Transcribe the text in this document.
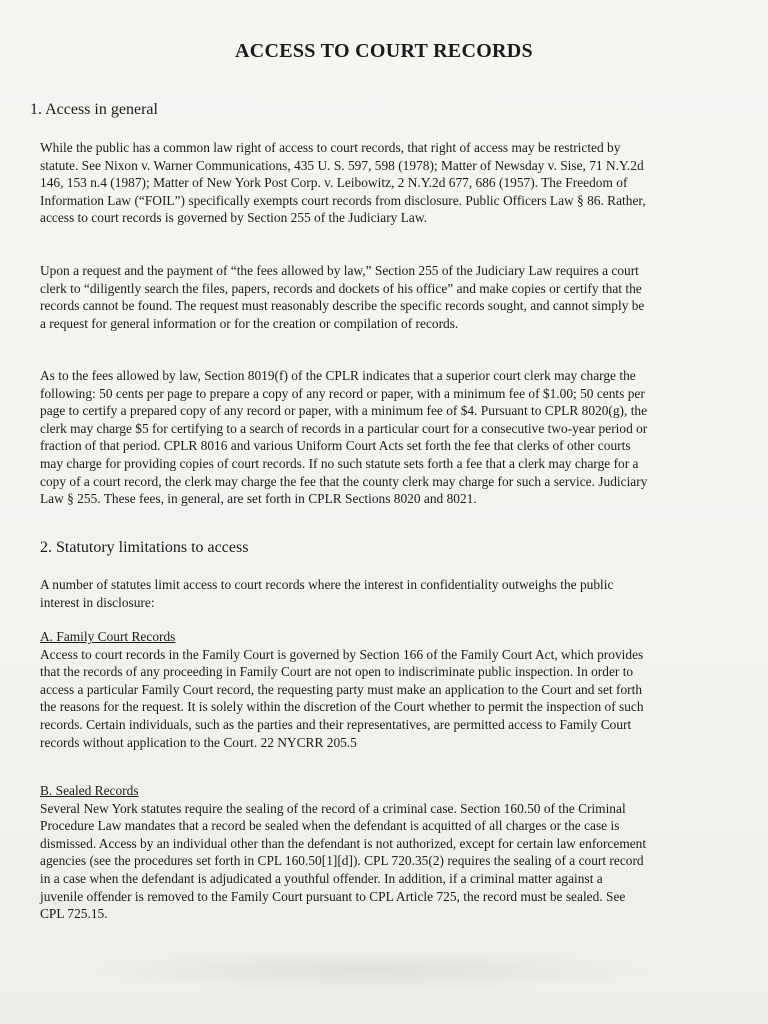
ACCESS TO COURT RECORDS
1. Access in general

While the public has a common law right of access to court records, that right of access may be restricted by statute. See Nixon v. Warner Communications, 435 U. S. 597, 598 (1978); Matter of Newsday v. Sise, 71 N.Y.2d 146, 153 n.4 (1987); Matter of New York Post Corp. v. Leibowitz, 2 N.Y.2d 677, 686 (1957). The Freedom of Information Law (“FOIL”) specifically exempts court records from disclosure. Public Officers Law § 86. Rather, access to court records is governed by Section 255 of the Judiciary Law.

Upon a request and the payment of “the fees allowed by law,” Section 255 of the Judiciary Law requires a court clerk to “diligently search the files, papers, records and dockets of his office” and make copies or certify that the records cannot be found. The request must reasonably describe the specific records sought, and cannot simply be a request for general information or for the creation or compilation of records.

As to the fees allowed by law, Section 8019(f) of the CPLR indicates that a superior court clerk may charge the following: 50 cents per page to prepare a copy of any record or paper, with a minimum fee of $1.00; 50 cents per page to certify a prepared copy of any record or paper, with a minimum fee of $4. Pursuant to CPLR 8020(g), the clerk may charge $5 for certifying to a search of records in a particular court for a consecutive two-year period or fraction of that period. CPLR 8016 and various Uniform Court Acts set forth the fee that clerks of other courts may charge for providing copies of court records. If no such statute sets forth a fee that a clerk may charge for a copy of a court record, the clerk may charge the fee that the county clerk may charge for such a service. Judiciary Law § 255. These fees, in general, are set forth in CPLR Sections 8020 and 8021.

2. Statutory limitations to access

A number of statutes limit access to court records where the interest in confidentiality outweighs the public interest in disclosure:

A. Family Court Records
Access to court records in the Family Court is governed by Section 166 of the Family Court Act, which provides that the records of any proceeding in Family Court are not open to indiscriminate public inspection. In order to access a particular Family Court record, the requesting party must make an application to the Court and set forth the reasons for the request. It is solely within the discretion of the Court whether to permit the inspection of such records. Certain individuals, such as the parties and their representatives, are permitted access to Family Court records without application to the Court. 22 NYCRR 205.5
B. Sealed Records
Several New York statutes require the sealing of the record of a criminal case. Section 160.50 of the Criminal Procedure Law mandates that a record be sealed when the defendant is acquitted of all charges or the case is dismissed. Access by an individual other than the defendant is not authorized, except for certain law enforcement agencies (see the procedures set forth in CPL 160.50[1][d]). CPL 720.35(2) requires the sealing of a court record in a case when the defendant is adjudicated a youthful offender. In addition, if a criminal matter against a juvenile offender is removed to the Family Court pursuant to CPL Article 725, the record must be sealed. See CPL 725.15.
